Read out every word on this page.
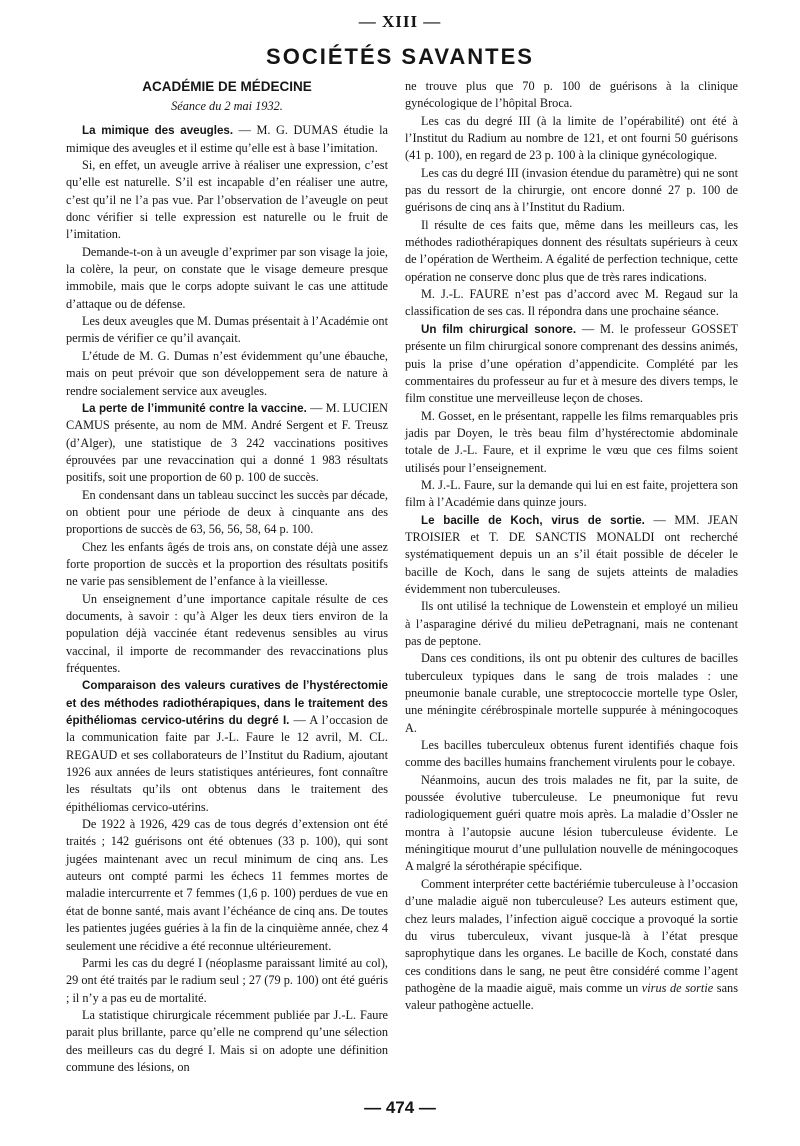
— XIII —
SOCIÉTÉS SAVANTES
ACADÉMIE DE MÉDECINE
Séance du 2 mai 1932.

La mimique des aveugles. — M. G. DUMAS étudie la mimique des aveugles et il estime qu’elle est à base l’imitation.

Si, en effet, un aveugle arrive à réaliser une expression, c’est qu’elle est naturelle. S’il est incapable d’en réaliser une autre, c’est qu’il ne l’a pas vue. Par l’observation de l’aveugle on peut donc vérifier si telle expression est naturelle ou le fruit de l’imitation.

Demande-t-on à un aveugle d’exprimer par son visage la joie, la colère, la peur, on constate que le visage demeure presque immobile, mais que le corps adopte suivant le cas une attitude d’attaque ou de défense.

Les deux aveugles que M. Dumas présentait à l’Académie ont permis de vérifier ce qu’il avançait.

L’étude de M. G. Dumas n’est évidemment qu’une ébauche, mais on peut prévoir que son développement sera de nature à rendre socialement service aux aveugles.

La perte de l’immunité contre la vaccine. — M. LUCIEN CAMUS présente, au nom de MM. André Sergent et F. Treusz (d’Alger), une statistique de 3 242 vaccinations positives éprouvées par une revaccination qui a donné 1 983 résultats positifs, soit une proportion de 60 p. 100 de succès.

En condensant dans un tableau succinct les succès par décade, on obtient pour une période de deux à cinquante ans des proportions de succès de 63, 56, 56, 58, 64 p. 100.

Chez les enfants âgés de trois ans, on constate déjà une assez forte proportion de succès et la proportion des résultats positifs ne varie pas sensiblement de l’enfance à la vieillesse.

Un enseignement d’une importance capitale résulte de ces documents, à savoir : qu’à Alger les deux tiers environ de la population déjà vaccinée étant redevenus sensibles au virus vaccinal, il importe de recommander des revaccinations plus fréquentes.

Comparaison des valeurs curatives de l’hystérectomie et des méthodes radiothérapiques, dans le traitement des épithéliomas cervico-utérins du degré I. — A l’occasion de la communication faite par J.-L. Faure le 12 avril, M. CL. REGAUD et ses collaborateurs de l’Institut du Radium, ajoutant 1926 aux années de leurs statistiques antérieures, font connaître les résultats qu’ils ont obtenus dans le traitement des épithéliomas cervico-utérins.

De 1922 à 1926, 429 cas de tous degrés d’extension ont été traités ; 142 guérisons ont été obtenues (33 p. 100), qui sont jugées maintenant avec un recul minimum de cinq ans. Les auteurs ont compté parmi les échecs 11 femmes mortes de maladie intercurrente et 7 femmes (1,6 p. 100) perdues de vue en état de bonne santé, mais avant l’échéance de cinq ans. De toutes les patientes jugées guéries à la fin de la cinquième année, chez 4 seulement une récidive a été reconnue ultérieurement.

Parmi les cas du degré I (néoplasme paraissant limité au col), 29 ont été traités par le radium seul ; 27 (79 p. 100) ont été guéris ; il n’y a pas eu de mortalité.

La statistique chirurgicale récemment publiée par J.-L. Faure parait plus brillante, parce qu’elle ne comprend qu’une sélection des meilleurs cas du degré I. Mais si on adopte une définition commune des lésions, on

ne trouve plus que 70 p. 100 de guérisons à la clinique gynécologique de l’hôpital Broca.

Les cas du degré III (à la limite de l’opérabilité) ont été à l’Institut du Radium au nombre de 121, et ont fourni 50 guérisons (41 p. 100), en regard de 23 p. 100 à la clinique gynécologique.

Les cas du degré III (invasion étendue du paramètre) qui ne sont pas du ressort de la chirurgie, ont encore donné 27 p. 100 de guérisons de cinq ans à l’Institut du Radium.

Il résulte de ces faits que, même dans les meilleurs cas, les méthodes radiothérapiques donnent des résultats supérieurs à ceux de l’opération de Wertheim. A égalité de perfection technique, cette opération ne conserve donc plus que de très rares indications.

M. J.-L. FAURE n’est pas d’accord avec M. Regaud sur la classification de ses cas. Il répondra dans une prochaine séance.

Un film chirurgical sonore. — M. le professeur GOSSET présente un film chirurgical sonore comprenant des dessins animés, puis la prise d’une opération d’appendicite. Complété par les commentaires du professeur au fur et à mesure des divers temps, le film constitue une merveilleuse leçon de choses.

M. Gosset, en le présentant, rappelle les films remarquables pris jadis par Doyen, le très beau film d’hystérectomie abdominale totale de J.-L. Faure, et il exprime le vœu que ces films soient utilisés pour l’enseignement.

M. J.-L. Faure, sur la demande qui lui en est faite, projettera son film à l’Académie dans quinze jours.

Le bacille de Koch, virus de sortie. — MM. JEAN TROISIER et T. DE SANCTIS MONALDI ont recherché systématiquement depuis un an s’il était possible de déceler le bacille de Koch, dans le sang de sujets atteints de maladies évidemment non tuberculeuses.

Ils ont utilisé la technique de Lowenstein et employé un milieu à l’asparagine dérivé du milieu dePetragnani, mais ne contenant pas de peptone.

Dans ces conditions, ils ont pu obtenir des cultures de bacilles tuberculeux typiques dans le sang de trois malades : une pneumonie banale curable, une streptococcie mortelle type Osler, une méningite cérébrospinale mortelle suppurée à méningocoques A.

Les bacilles tuberculeux obtenus furent identifiés chaque fois comme des bacilles humains franchement virulents pour le cobaye.

Néanmoins, aucun des trois malades ne fit, par la suite, de poussée évolutive tuberculeuse. Le pneumonique fut revu radiologiquement guéri quatre mois après. La maladie d’Ossler ne montra à l’autopsie aucune lésion tuberculeuse évidente. Le méningitique mourut d’une pullulation nouvelle de méningocoques A malgré la sérothérapie spécifique.

Comment interpréter cette bactériémie tuberculeuse à l’occasion d’une maladie aiguë non tuberculeuse? Les auteurs estiment que, chez leurs malades, l’infection aiguë coccique a provoqué la sortie du virus tuberculeux, vivant jusque-là à l’état presque saprophytique dans les organes. Le bacille de Koch, constaté dans ces conditions dans le sang, ne peut être considéré comme l’agent pathogène de la maadie aiguë, mais comme un virus de sortie sans valeur pathogène actuelle.

— 474 —
